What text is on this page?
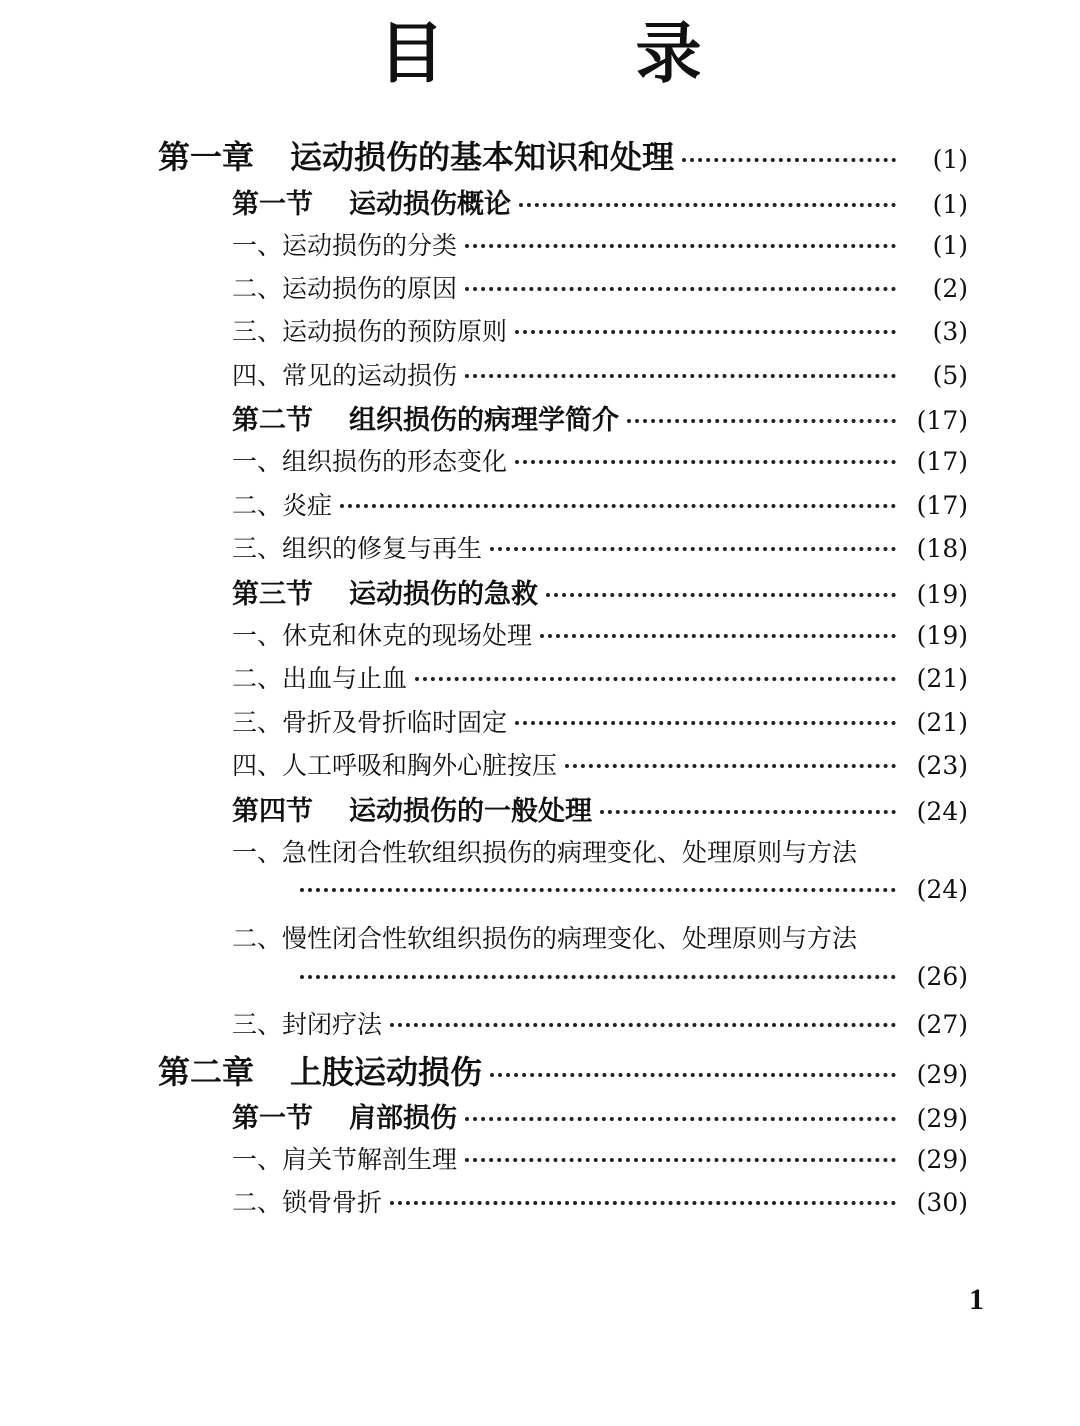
目 录
第一章 运动损伤的基本知识和处理	(1)
第一节 运动损伤概论	(1)
一、运动损伤的分类	(1)
二、运动损伤的原因	(2)
三、运动损伤的预防原则	(3)
四、常见的运动损伤	(5)
第二节 组织损伤的病理学简介	(17)
一、组织损伤的形态变化	(17)
二、炎症	(17)
三、组织的修复与再生	(18)
第三节 运动损伤的急救	(19)
一、休克和休克的现场处理	(19)
二、出血与止血	(21)
三、骨折及骨折临时固定	(21)
四、人工呼吸和胸外心脏按压	(23)
第四节 运动损伤的一般处理	(24)
一、急性闭合性软组织损伤的病理变化、处理原则与方法
(24)
二、慢性闭合性软组织损伤的病理变化、处理原则与方法
(26)
三、封闭疗法	(27)
第二章 上肢运动损伤	(29)
第一节 肩部损伤	(29)
一、肩关节解剖生理	(29)
二、锁骨骨折	(30)
1
